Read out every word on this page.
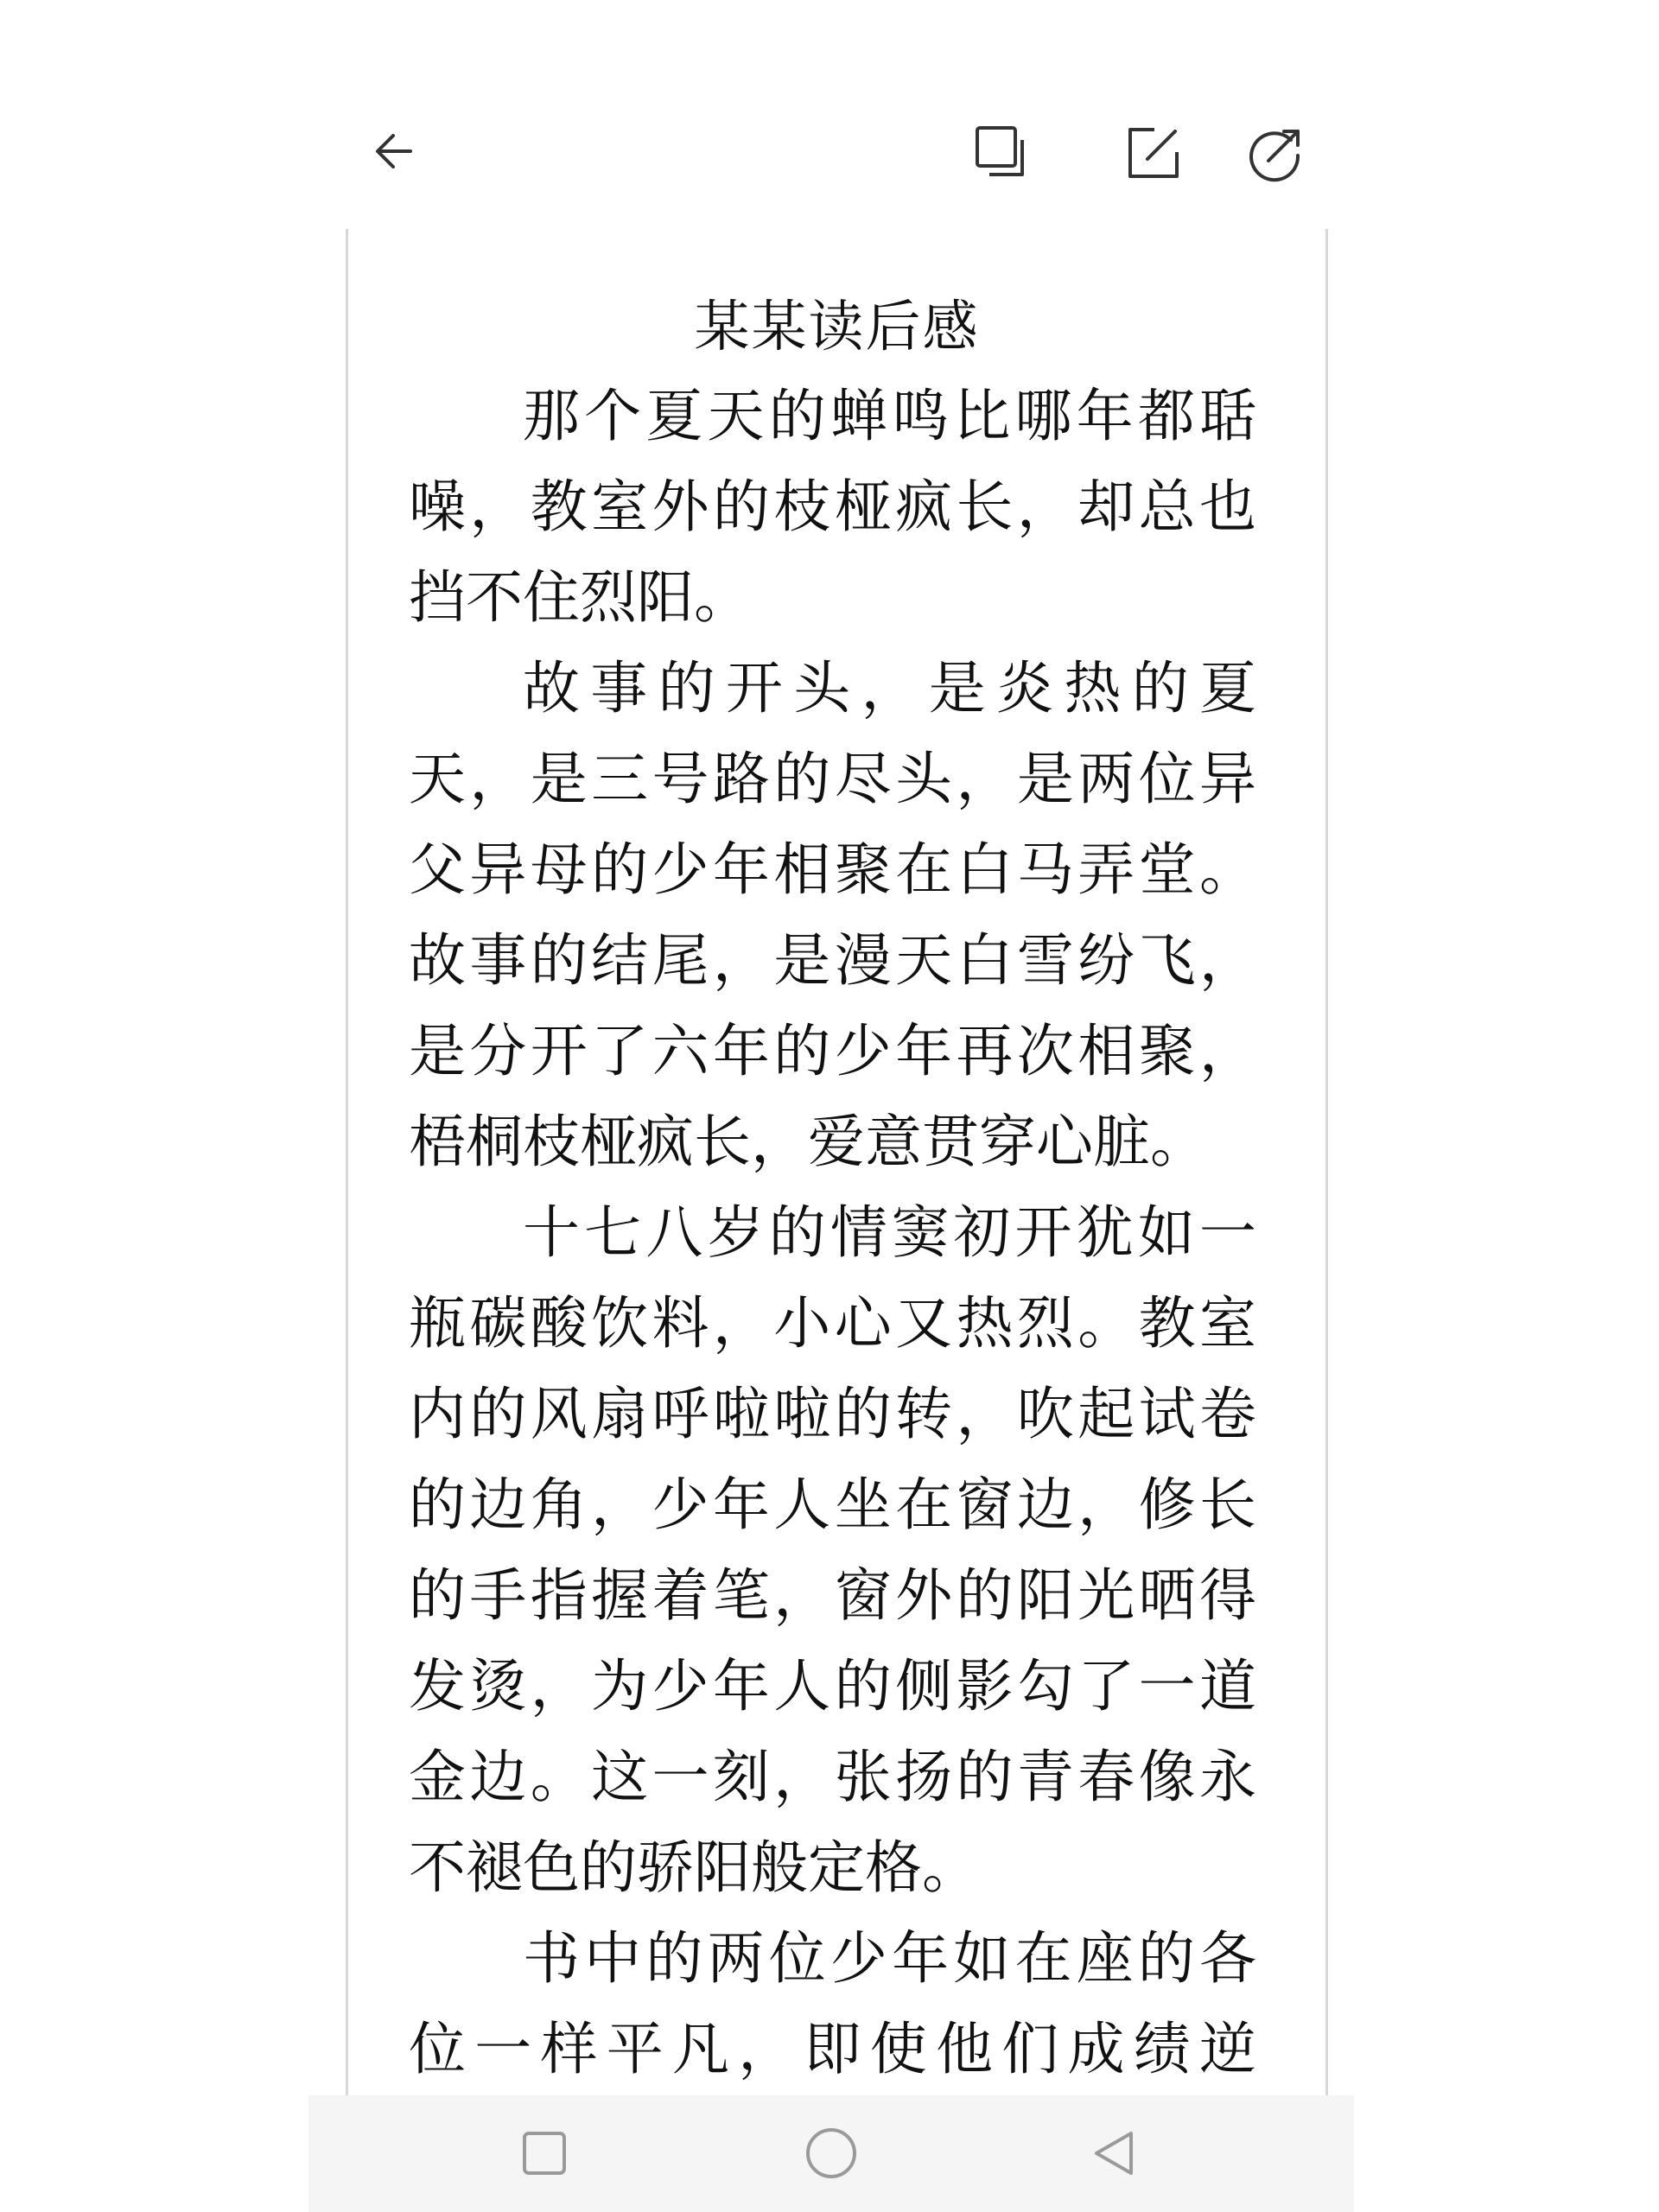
某某读后感

那个夏天的蝉鸣比哪年都聒噪，教室外的枝桠疯长，却总也挡不住烈阳。

故事的开头，是炎热的夏天，是三号路的尽头，是两位异父异母的少年相聚在白马弄堂。故事的结尾，是漫天白雪纷飞，是分开了六年的少年再次相聚，梧桐枝桠疯长，爱意贯穿心脏。

十七八岁的情窦初开犹如一瓶碳酸饮料，小心又热烈。教室内的风扇呼啦啦的转，吹起试卷的边角，少年人坐在窗边，修长的手指握着笔，窗外的阳光晒得发烫，为少年人的侧影勾了一道金边。这一刻，张扬的青春像永不褪色的骄阳般定格。

书中的两位少年如在座的各位一样平凡，即使他们成绩逆
